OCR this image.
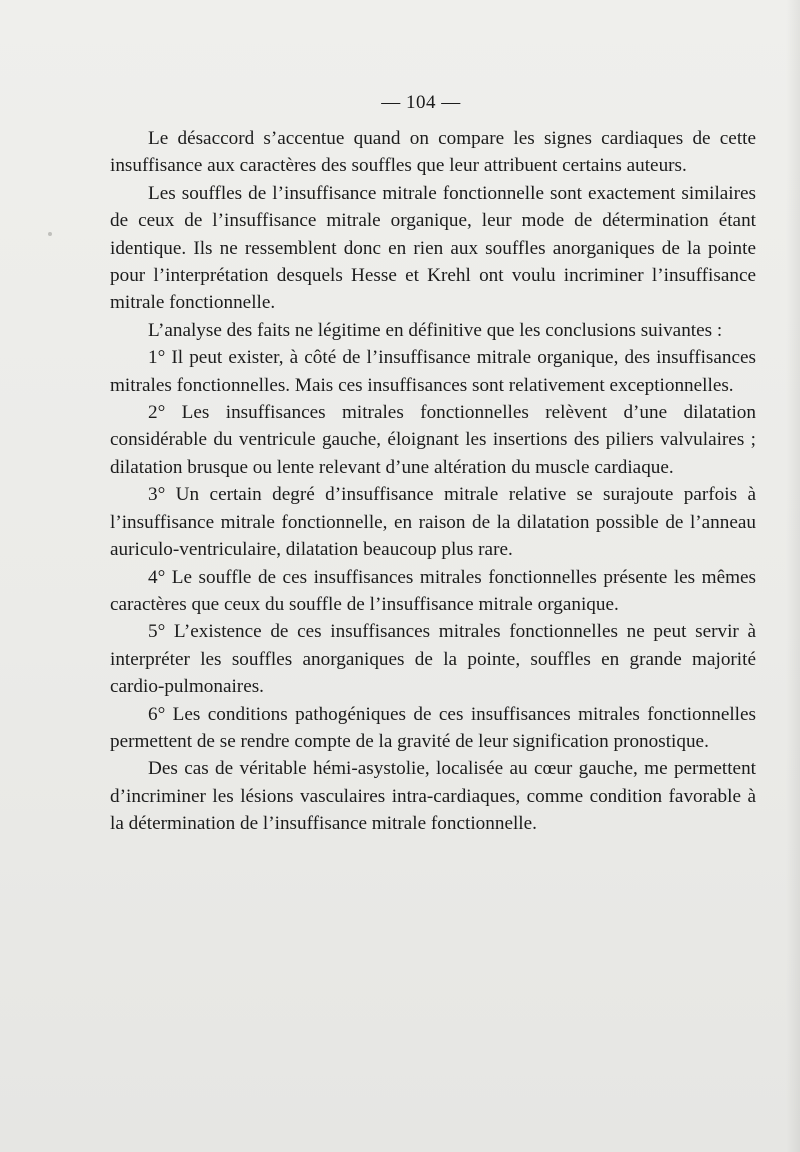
— 104 —

Le désaccord s’accentue quand on compare les signes cardiaques de cette insuffisance aux caractères des souffles que leur attribuent certains auteurs.

Les souffles de l’insuffisance mitrale fonctionnelle sont exactement similaires de ceux de l’insuffisance mitrale organique, leur mode de détermination étant identique. Ils ne ressemblent donc en rien aux souffles anorganiques de la pointe pour l’interprétation desquels Hesse et Krehl ont voulu incriminer l’insuffisance mitrale fonctionnelle.

L’analyse des faits ne légitime en définitive que les conclusions suivantes :

1° Il peut exister, à côté de l’insuffisance mitrale organique, des insuffisances mitrales fonctionnelles. Mais ces insuffisances sont relativement exceptionnelles.

2° Les insuffisances mitrales fonctionnelles relèvent d’une dilatation considérable du ventricule gauche, éloignant les insertions des piliers valvulaires ; dilatation brusque ou lente relevant d’une altération du muscle cardiaque.

3° Un certain degré d’insuffisance mitrale relative se surajoute parfois à l’insuffisance mitrale fonctionnelle, en raison de la dilatation possible de l’anneau auriculo-ventriculaire, dilatation beaucoup plus rare.

4° Le souffle de ces insuffisances mitrales fonctionnelles présente les mêmes caractères que ceux du souffle de l’insuffisance mitrale organique.

5° L’existence de ces insuffisances mitrales fonctionnelles ne peut servir à interpréter les souffles anorganiques de la pointe, souffles en grande majorité cardio-pulmonaires.

6° Les conditions pathogéniques de ces insuffisances mitrales fonctionnelles permettent de se rendre compte de la gravité de leur signification pronostique.

Des cas de véritable hémi-asystolie, localisée au cœur gauche, me permettent d’incriminer les lésions vasculaires intra-cardiaques, comme condition favorable à la détermination de l’insuffisance mitrale fonctionnelle.
